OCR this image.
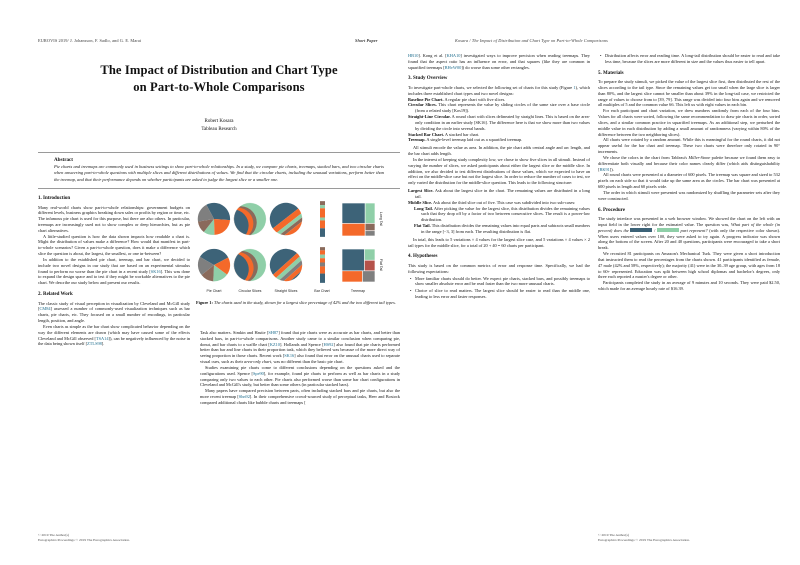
EUROVIS 2019/ J. Johansson, F. Sadlo, and G. E. Marai	Short Paper	Kosara / The Impact of Distribution and Chart Type on Part-to-Whole Comparisons
The Impact of Distribution and Chart Type
on Part-to-Whole Comparisons
Robert Kosara
Tableau Research
Abstract

Pie charts and treemaps are commonly used in business settings to show part-to-whole relationships. In a study, we compare pie charts, treemaps, stacked bars, and two circular charts when answering part-to-whole questions with multiple slices and different distributions of values. We find that the circular charts, including the unusual variations, perform better than the treemap, and that their performance depends on whether participants are asked to judge the largest slice or a smaller one.

1. Introduction

Many real-world charts show part-to-whole relationships: government budgets on different levels, business graphics breaking down sales or profits by region or time, etc. The infamous pie chart is used for this purpose, but there are also others. In particular, treemaps are increasingly used not to show complex or deep hierarchies, but as pie chart alternatives.

A little-studied question is how the data shown impacts how readable a chart is. Might the distribution of values make a difference? How would that manifest in part-to-whole scenarios? Given a part-to-whole question, does it make a difference which slice the question is about, the largest, the smallest, or one in-between?

In addition to the established pie chart, treemap, and bar chart, we decided to include two novel designs in our study that are based on an experimental stimulus found to perform no worse than the pie chart in a recent study [SK16]. This was done to expand the design space and to test if they might be workable alternatives to the pie chart. We describe our study below and present our results.

2. Related Work

The classic study of visual perception in visualization by Cleveland and McGill study [CM84] assessed a number of commonly-used visualization techniques such as bar charts, pie charts, etc. They focused on a small number of encodings, in particular length, position, and angle.

Even charts as simple as the bar chart show complicated behavior depending on the way the different elements are drawn (which may have caused some of the effects Cleveland and McGill observed [TSA14]), can be negatively influenced by the noise in the data being shown itself [ZTLS98].

Long Tail
Flat Tail
Pie Chart	Circular Slices	Straight Slices	Bar Chart	Treemap
Figure 1: The charts used in the study, shown for a largest slice percentage of 42% and the two different tail types.

Task also matters. Simkin and Hastie [SH87] found that pie charts were as accurate as bar charts, and better than stacked bars, in part-to-whole comparisons. Another study came to a similar conclusion when comparing pie, donut, and bar charts to a waffle chart [KZ10]. Hollands and Spence [HS92] also found that pie charts performed better than bar and line charts in their proportion task, which they believed was because of the more direct way of seeing proportion in those charts. Recent work [SK16] also found that error on the unusual charts used to separate visual cues, such as their area-only chart, was no different than the basic pie chart.

Studies examining pie charts come to different conclusions depending on the questions asked and the configurations used. Spence [Spe90], for example, found pie charts to perform as well as bar charts in a study comparing only two values to each other. Pie charts also performed worse than some bar chart configurations in Cleveland and McGill's study, but better than some others (in particular stacked bars).

Many papers have compared precision between parts, often including stacked bars and pie charts, but also the more recent treemap [Shn92]. In their comprehensive crowd-sourced study of perceptual tasks, Heer and Bostock compared additional charts like bubble charts and treemaps [

HB10]. Kong et al. [KHA10] investigated ways to improve precision when reading treemaps. They found that the aspect ratio has an influence on error, and that squares (like they are common in squarified treemaps [BHvW00]) do worse than some other rectangles.

3. Study Overview

To investigate part-whole charts, we selected the following set of charts for this study (Figure 1), which includes three established chart types and two novel designs:

Baseline Pie Chart. A regular pie chart with five slices.

Circular Slices. This chart represents the value by sliding circles of the same size over a base circle (from a related study [Kos19]).

Straight-Line Circular. A round chart with slices delineated by straight lines. This is based on the area-only condition in an earlier study [SK16]. The difference here is that we show more than two values by dividing the circle into several bands.

Stacked Bar Chart. A stacked bar chart.

Treemap. A single-level treemap laid out as a squarified treemap.

All stimuli encode the value as area. In addition, the pie chart adds central angle and arc length, and the bar chart adds length.

In the interest of keeping study complexity low, we chose to show five slices in all stimuli. Instead of varying the number of slices, we asked participants about either the largest slice or the middle slice. In addition, we also decided to test different distributions of those values, which we expected to have an effect on the middle-slice case but not the largest slice. In order to reduce the number of cases to test, we only varied the distribution for the middle-slice question. This leads to the following structure:

Largest Slice. Ask about the largest slice in the chart. The remaining values are distributed in a long tail.

Middle Slice. Ask about the third slice out of five. This case was subdivided into two sub-cases:

Long Tail. After picking the value for the largest slice, this distribution divides the remaining values such that they drop off by a factor of two between consecutive slices. The result is a power-law distribution.

Flat Tail. This distribution divides the remaining values into equal parts and subtracts small numbers in the range [−3, 3] from each. The resulting distribution is flat.

In total, this leads to 5 variations × 4 values for the largest slice case, and 5 variations × 4 values × 2 tail types for the middle slice, for a total of 20 + 40 = 60 charts per participant.

4. Hypotheses

This study is based on the common metrics of error and response time. Specifically, we had the following expectations:

• More familiar charts should do better. We expect pie charts, stacked bars, and possibly treemaps to show smaller absolute error and be read faster than the two more unusual charts.
• Choice of slice to read matters. The largest slice should be easier to read than the middle one, leading to less error and faster responses.
• Distribution affects error and reading time. A long-tail distribution should be easier to read and take less time, because the slices are more different in size and the values thus easier to tell apart.
5. Materials

To prepare the study stimuli, we picked the value of the largest slice first, then distributed the rest of the slices according to the tail type. Since the remaining values get too small when the large slice is larger than 80%, and the largest slice cannot be smaller than about 39% in the long-tail case, we restricted the range of values to choose from to [39, 79]. This range was divided into four bins again and we removed all multiples of 5 and the common value 66. This left us with eight values in each bin.

For each participant and chart variation, we drew numbers randomly from each of the four bins. Values for all charts were sorted, following the same recommendation to draw pie charts in order, sorted slices, and a similar common practice in squarified treemaps. As an additional step, we perturbed the middle value in each distribution by adding a small amount of randomness (varying within 80% of the difference between the two neighboring slices).

All charts were rotated by a random amount. While this is meaningful for the round charts, it did not appear useful for the bar chart and treemap. These two charts were therefore only rotated in 90° increments.

We chose the colors in the chart from Tableau's Miller-Stone palette because we found them easy to differentiate both visually and because their color names clearly differ (which aids distinguishability [BK91]).

All round charts were presented at a diameter of 600 pixels. The treemap was square and sized to 532 pixels on each side so that it would take up the same area as the circles. The bar chart was presented at 600 pixels in length and 60 pixels wide.

The order in which stimuli were presented was randomized by shuffling the parameter sets after they were constructed.

6. Procedure

The study interface was presented in a web browser window. We showed the chart on the left with an input field in the lower right for the estimated value. The question was, What part of the whole (in percent) does the	/	part represent? (with only the respective color shown). When users entered values over 100, they were asked to try again. A progress indicator was shown along the bottom of the screen. After 20 and 40 questions, participants were encouraged to take a short break.

We recruited 81 participants on Amazon's Mechanical Turk. They were given a short introduction that instructed them to read the percentages from the charts shown. 41 participants identified as female, 47 male (42% and 58%, respectively); the majority (41) were in the 30–39 age group, with ages from 18 to 60+ represented. Education was split between high school diplomas and bachelor's degrees, only three each reported a master's degree or other.

Participants completed the study in an average of 9 minutes and 10 seconds. They were paid $2.50, which made for an average hourly rate of $16.39.

© 2019 The Author(s)
Eurographics Proceedings © 2019 The Eurographics Association.
© 2019 The Author(s)
Eurographics Proceedings © 2019 The Eurographics Association.
